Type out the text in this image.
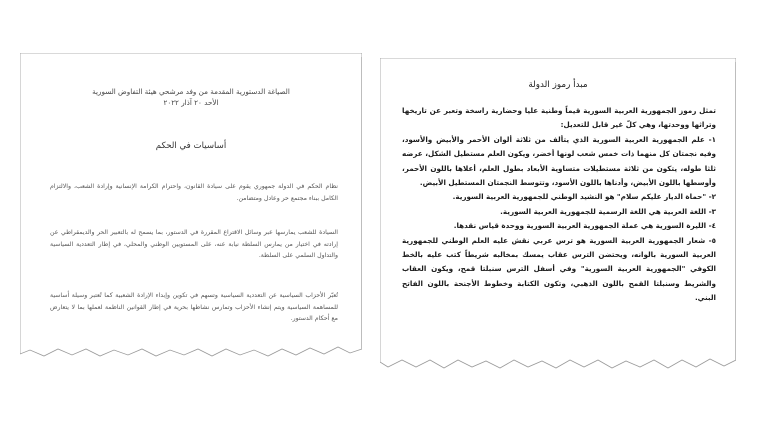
الصياغة الدستورية المقدمة من وفد مرشحي هيئة التفاوض السورية
الأحد ٢٠ آذار ٢٠٢٢
أساسيات في الحكم
نظام الحكم في الدولة جمهوري يقوم على سيادة القانون، واحترام الكرامة الإنسانية وإرادة الشعب، والالتزام الكامل ببناء مجتمع حر وعادل ومتضامن.
السيادة للشعب يمارسها عبر وسائل الاقتراع المقررة في الدستور، بما يسمح له بالتعبير الحر والديمقراطي عن إرادته في اختيار من يمارس السلطة نيابة عنه، على المستويين الوطني والمحلي، في إطار التعددية السياسية والتداول السلمي على السلطة.
تُعبّر الأحزاب السياسية عن التعددية السياسية وتسهم في تكوين وإبداء الإرادة الشعبية كما تُعتبر وسيلة أساسية للمساهمة السياسية ويتم إنشاء الأحزاب وتمارس نشاطها بحرية في إطار القوانين الناظمة لعملها بما لا يتعارض مع أحكام الدستور.
مبدأ رموز الدولة

تمثل رموز الجمهورية العربية السورية قيماً وطنية عليا وحضارية راسخة وتعبر عن تاريخها وتراثها ووحدتها، وهي كلّ غير قابل للتعديل:

١- علم الجمهورية العربية السورية الذي يتألف من ثلاثة ألوان الأحمر والأبيض والأسود، وفيه نجمتان كل منهما ذات خمس شعب لونها أخضر، ويكون العلم مستطيل الشكل، عرضه ثلثا طوله، يتكون من ثلاثة مستطيلات متساوية الأبعاد بطول العلم، أعلاها باللون الأحمر، وأوسطها باللون الأبيض، وأدناها باللون الأسود، وتتوسط النجمتان المستطيل الأبيض.

٢- "حماة الديار عليكم سلام" هو النشيد الوطني للجمهورية العربية السورية.

٣- اللغة العربية هي اللغة الرسمية للجمهورية العربية السورية.

٤- الليرة السورية هي عملة الجمهورية العربية السورية ووحدة قياس نقدها.

٥- شعار الجمهورية العربية السورية هو ترس عربي نقش عليه العلم الوطني للجمهورية العربية السورية بالوانه، ويحتضن الترس عقاب يمسك بمخالبه شريطاً كتب عليه بالخط الكوفي "الجمهورية العربية السورية" وفي أسفل الترس سنبلتا قمح، ويكون العقاب والشريط وسنبلتا القمح باللون الذهبي، وتكون الكتابة وخطوط الأجنحة باللون الفاتح البني.
